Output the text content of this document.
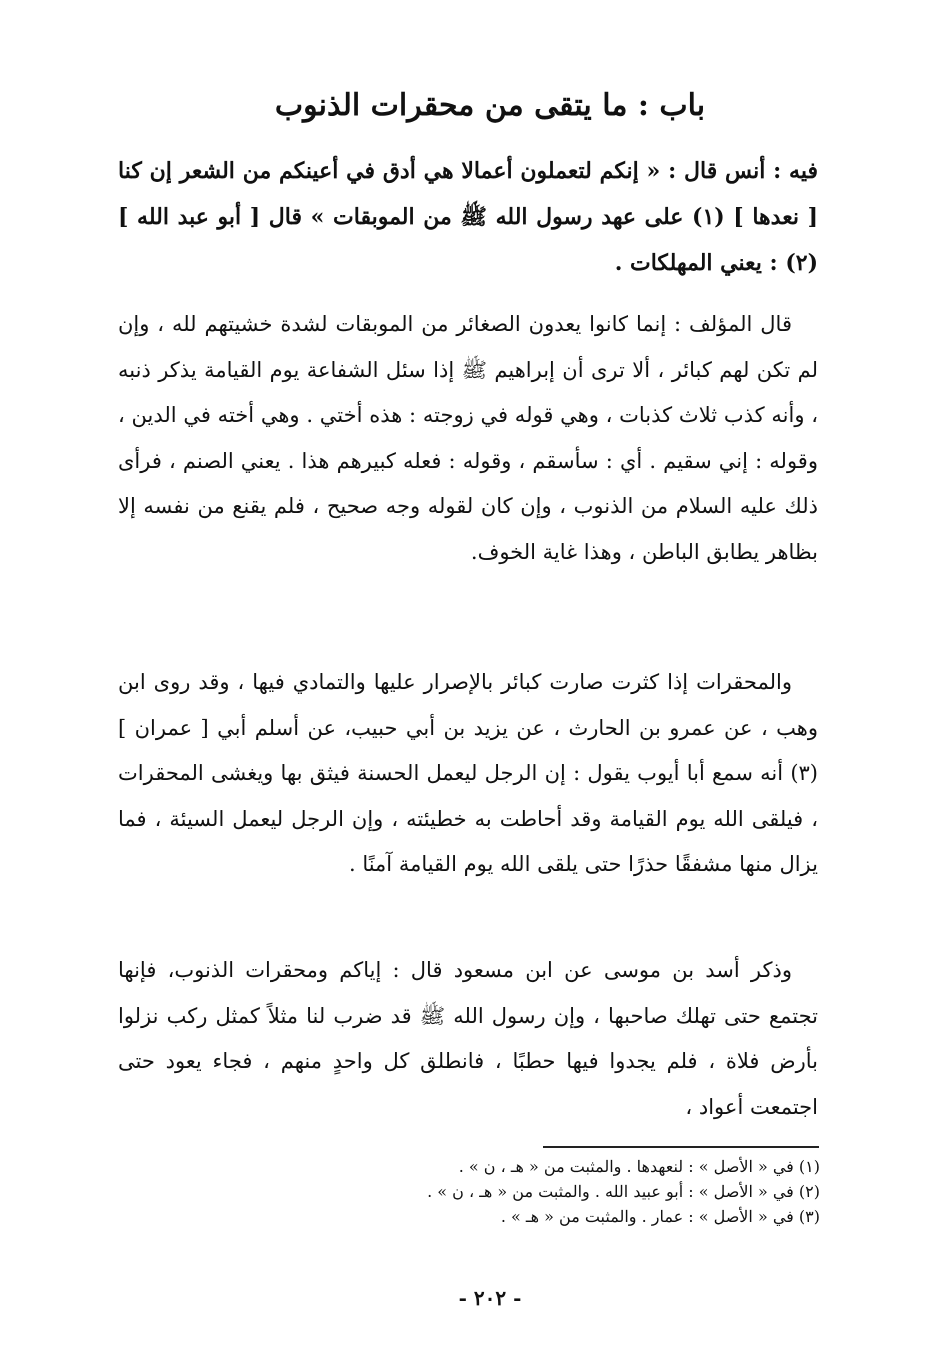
باب : ما يتقى من محقرات الذنوب
فيه : أنس قال : « إنكم لتعملون أعمالا هي أدق في أعينكم من الشعر إن كنا [ نعدها ] (١) على عهد رسول الله ﷺ من الموبقات » قال [ أبو عبد الله ] (٢) : يعني المهلكات .
قال المؤلف : إنما كانوا يعدون الصغائر من الموبقات لشدة خشيتهم لله ، وإن لم تكن لهم كبائر ، ألا ترى أن إبراهيم ﷺ إذا سئل الشفاعة يوم القيامة يذكر ذنبه ، وأنه كذب ثلاث كذبات ، وهي قوله في زوجته : هذه أختي . وهي أخته في الدين ، وقوله : إني سقيم . أي : سأسقم ، وقوله : فعله كبيرهم هذا . يعني الصنم ، فرأى ذلك عليه السلام من الذنوب ، وإن كان لقوله وجه صحيح ، فلم يقنع من نفسه إلا بظاهر يطابق الباطن ، وهذا غاية الخوف.
والمحقرات إذا كثرت صارت كبائر بالإصرار عليها والتمادي فيها ، وقد روى ابن وهب ، عن عمرو بن الحارث ، عن يزيد بن أبي حبيب، عن أسلم أبي [ عمران ] (٣) أنه سمع أبا أيوب يقول : إن الرجل ليعمل الحسنة فيثق بها ويغشى المحقرات ، فيلقى الله يوم القيامة وقد أحاطت به خطيئته ، وإن الرجل ليعمل السيئة ، فما يزال منها مشفقًا حذرًا حتى يلقى الله يوم القيامة آمنًا .
وذكر أسد بن موسى عن ابن مسعود قال : إياكم ومحقرات الذنوب، فإنها تجتمع حتى تهلك صاحبها ، وإن رسول الله ﷺ قد ضرب لنا مثلاً كمثل ركب نزلوا بأرض فلاة ، فلم يجدوا فيها حطبًا ، فانطلق كل واحدٍ منهم ، فجاء يعود حتى اجتمعت أعواد ،
(١) في « الأصل » : لنعهدها . والمثبت من « هـ ، ن » .
(٢) في « الأصل » : أبو عبيد الله . والمثبت من « هـ ، ن » .
(٣) في « الأصل » : عمار . والمثبت من « هـ » .
- ٢٠٢ -
